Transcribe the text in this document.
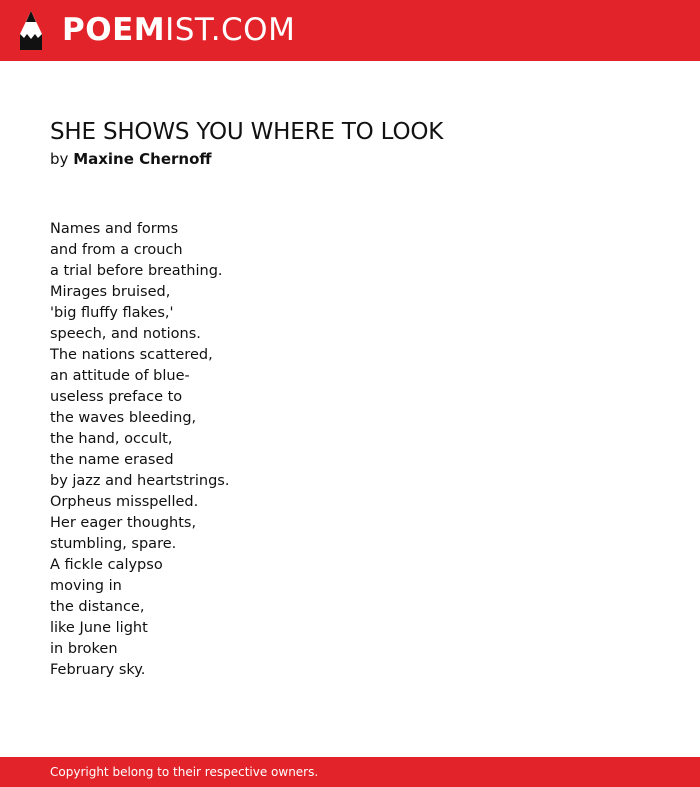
POEMIST.COM
SHE SHOWS YOU WHERE TO LOOK
by Maxine Chernoff
Names and forms
and from a crouch
a trial before breathing.
Mirages bruised,
'big fluffy flakes,'
speech, and notions.
The nations scattered,
an attitude of blue-
useless preface to
the waves bleeding,
the hand, occult,
the name erased
by jazz and heartstrings.
Orpheus misspelled.
Her eager thoughts,
stumbling, spare.
A fickle calypso
moving in
the distance,
like June light
in broken
February sky.
Copyright belong to their respective owners.
